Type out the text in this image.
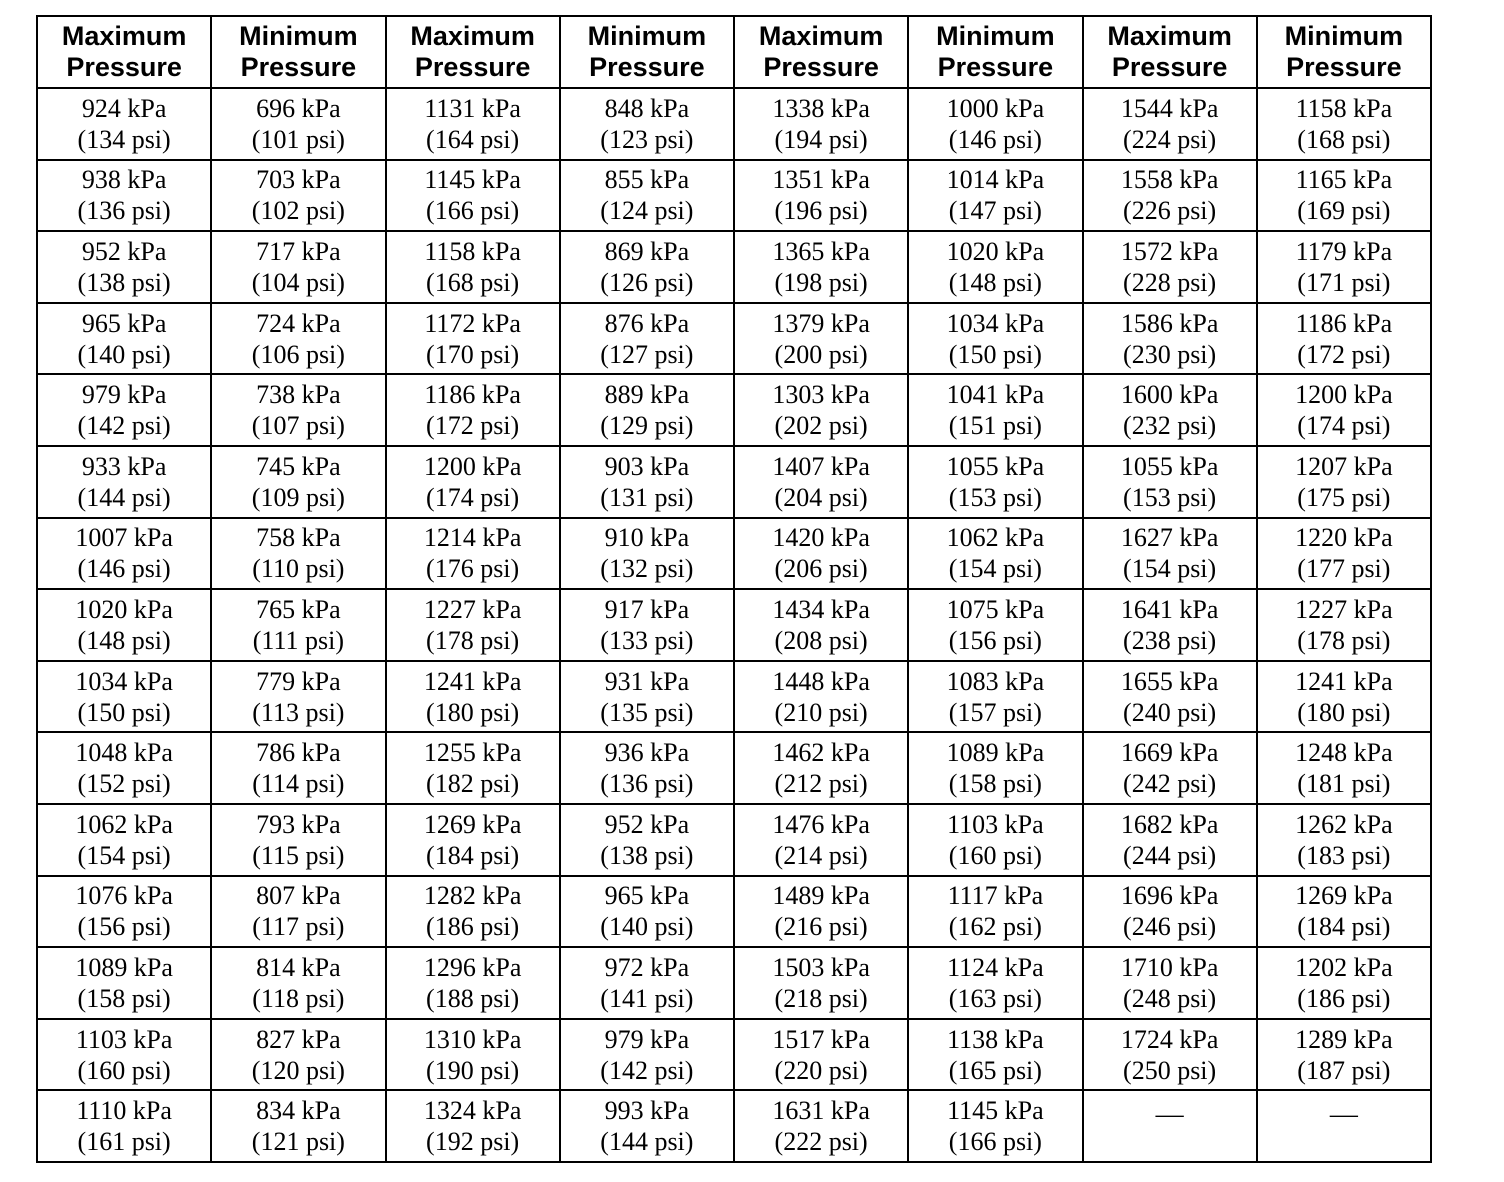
Maximum
Pressure	Minimum
Pressure	Maximum
Pressure	Minimum
Pressure	Maximum
Pressure	Minimum
Pressure	Maximum
Pressure	Minimum
Pressure

924 kPa
(134 psi)	696 kPa
(101 psi)	1131 kPa
(164 psi)	848 kPa
(123 psi)	1338 kPa
(194 psi)	1000 kPa
(146 psi)	1544 kPa
(224 psi)	1158 kPa
(168 psi)

938 kPa
(136 psi)	703 kPa
(102 psi)	1145 kPa
(166 psi)	855 kPa
(124 psi)	1351 kPa
(196 psi)	1014 kPa
(147 psi)	1558 kPa
(226 psi)	1165 kPa
(169 psi)

952 kPa
(138 psi)	717 kPa
(104 psi)	1158 kPa
(168 psi)	869 kPa
(126 psi)	1365 kPa
(198 psi)	1020 kPa
(148 psi)	1572 kPa
(228 psi)	1179 kPa
(171 psi)

965 kPa
(140 psi)	724 kPa
(106 psi)	1172 kPa
(170 psi)	876 kPa
(127 psi)	1379 kPa
(200 psi)	1034 kPa
(150 psi)	1586 kPa
(230 psi)	1186 kPa
(172 psi)

979 kPa
(142 psi)	738 kPa
(107 psi)	1186 kPa
(172 psi)	889 kPa
(129 psi)	1303 kPa
(202 psi)	1041 kPa
(151 psi)	1600 kPa
(232 psi)	1200 kPa
(174 psi)

933 kPa
(144 psi)	745 kPa
(109 psi)	1200 kPa
(174 psi)	903 kPa
(131 psi)	1407 kPa
(204 psi)	1055 kPa
(153 psi)	1055 kPa
(153 psi)	1207 kPa
(175 psi)

1007 kPa
(146 psi)	758 kPa
(110 psi)	1214 kPa
(176 psi)	910 kPa
(132 psi)	1420 kPa
(206 psi)	1062 kPa
(154 psi)	1627 kPa
(154 psi)	1220 kPa
(177 psi)

1020 kPa
(148 psi)	765 kPa
(111 psi)	1227 kPa
(178 psi)	917 kPa
(133 psi)	1434 kPa
(208 psi)	1075 kPa
(156 psi)	1641 kPa
(238 psi)	1227 kPa
(178 psi)

1034 kPa
(150 psi)	779 kPa
(113 psi)	1241 kPa
(180 psi)	931 kPa
(135 psi)	1448 kPa
(210 psi)	1083 kPa
(157 psi)	1655 kPa
(240 psi)	1241 kPa
(180 psi)

1048 kPa
(152 psi)	786 kPa
(114 psi)	1255 kPa
(182 psi)	936 kPa
(136 psi)	1462 kPa
(212 psi)	1089 kPa
(158 psi)	1669 kPa
(242 psi)	1248 kPa
(181 psi)

1062 kPa
(154 psi)	793 kPa
(115 psi)	1269 kPa
(184 psi)	952 kPa
(138 psi)	1476 kPa
(214 psi)	1103 kPa
(160 psi)	1682 kPa
(244 psi)	1262 kPa
(183 psi)

1076 kPa
(156 psi)	807 kPa
(117 psi)	1282 kPa
(186 psi)	965 kPa
(140 psi)	1489 kPa
(216 psi)	1117 kPa
(162 psi)	1696 kPa
(246 psi)	1269 kPa
(184 psi)

1089 kPa
(158 psi)	814 kPa
(118 psi)	1296 kPa
(188 psi)	972 kPa
(141 psi)	1503 kPa
(218 psi)	1124 kPa
(163 psi)	1710 kPa
(248 psi)	1202 kPa
(186 psi)

1103 kPa
(160 psi)	827 kPa
(120 psi)	1310 kPa
(190 psi)	979 kPa
(142 psi)	1517 kPa
(220 psi)	1138 kPa
(165 psi)	1724 kPa
(250 psi)	1289 kPa
(187 psi)

1110 kPa
(161 psi)	834 kPa
(121 psi)	1324 kPa
(192 psi)	993 kPa
(144 psi)	1631 kPa
(222 psi)	1145 kPa
(166 psi)	—	—
